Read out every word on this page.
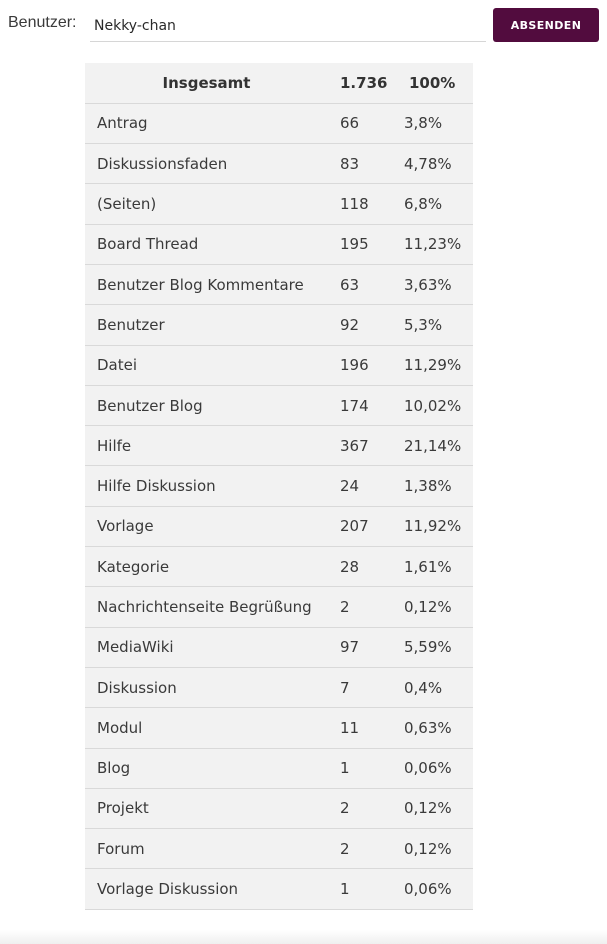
Benutzer:
Nekky-chan	ABSENDEN
Insgesamt	1.736	100%
Antrag	66	3,8%
Diskussionsfaden	83	4,78%
(Seiten)	118	6,8%
Board Thread	195	11,23%
Benutzer Blog Kommentare	63	3,63%
Benutzer	92	5,3%
Datei	196	11,29%
Benutzer Blog	174	10,02%
Hilfe	367	21,14%
Hilfe Diskussion	24	1,38%
Vorlage	207	11,92%
Kategorie	28	1,61%
Nachrichtenseite Begrüßung	2	0,12%
MediaWiki	97	5,59%
Diskussion	7	0,4%
Modul	11	0,63%
Blog	1	0,06%
Projekt	2	0,12%
Forum	2	0,12%
Vorlage Diskussion	1	0,06%
